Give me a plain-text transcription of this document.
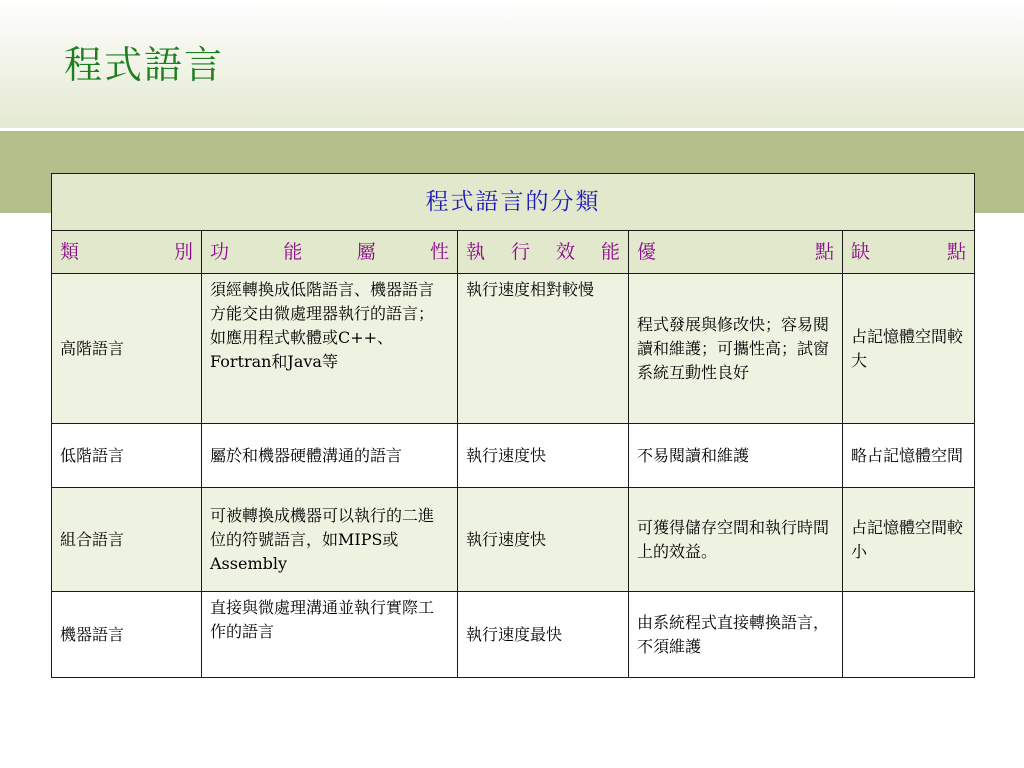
程式語言
程式語言的分類				
類　　別	功　能　屬　性	執 行 效 能	優　　點	缺　　點
高階語言	須經轉換成低階語言、機器語言方能交由微處理器執行的語言；如應用程式軟體或C++、Fortran和Java等	執行速度相對較慢	程式發展與修改快；容易閱讀和維護；可攜性高；試窗系統互動性良好	占記憶體空間較大
低階語言	屬於和機器硬體溝通的語言	執行速度快	不易閱讀和維護	略占記憶體空間
組合語言	可被轉換成機器可以執行的二進位的符號語言，如MIPS或Assembly	執行速度快	可獲得儲存空間和執行時間上的效益。	占記憶體空間較小
機器語言	直接與微處理溝通並執行實際工作的語言	執行速度最快	由系統程式直接轉換語言，不須維護	
